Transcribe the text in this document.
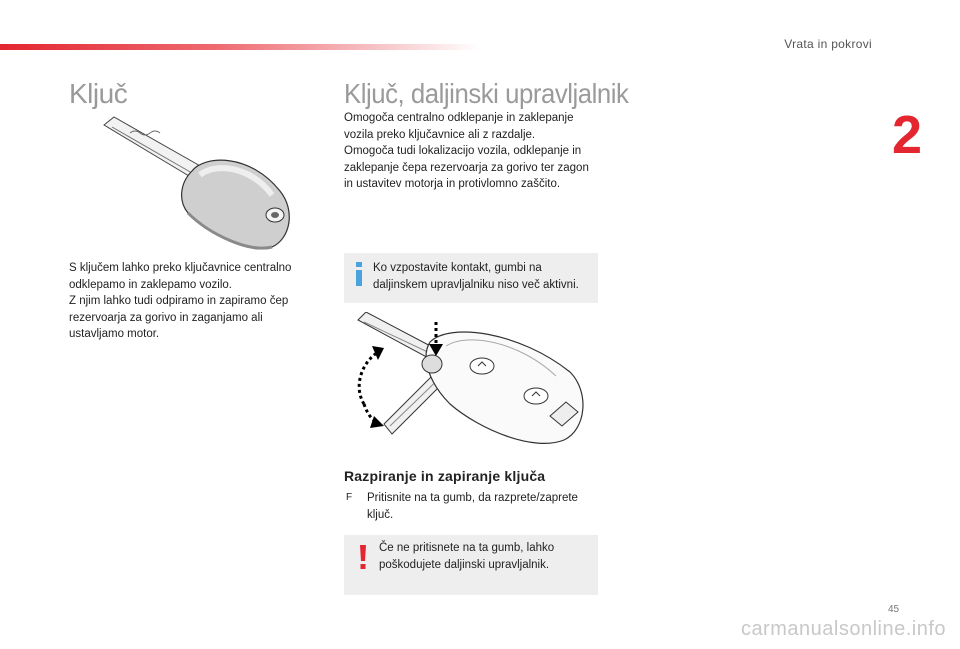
Vrata in pokrovi
2
Ključ
S ključem lahko preko ključavnice centralno odklepamo in zaklepamo vozilo.
Z njim lahko tudi odpiramo in zapiramo čep rezervoarja za gorivo in zaganjamo ali ustavljamo motor.
Ključ, daljinski upravljalnik
Omogoča centralno odklepanje in zaklepanje vozila preko ključavnice ali z razdalje.
Omogoča tudi lokalizacijo vozila, odklepanje in zaklepanje čepa rezervoarja za gorivo ter zagon in ustavitev motorja in protivlomno zaščito.
Ko vzpostavite kontakt, gumbi na daljinskem upravljalniku niso več aktivni.
Razpiranje in zapiranje ključa
F Pritisnite na ta gumb, da razprete/zaprete ključ.
Če ne pritisnete na ta gumb, lahko poškodujete daljinski upravljalnik.
45
carmanualsonline.info
